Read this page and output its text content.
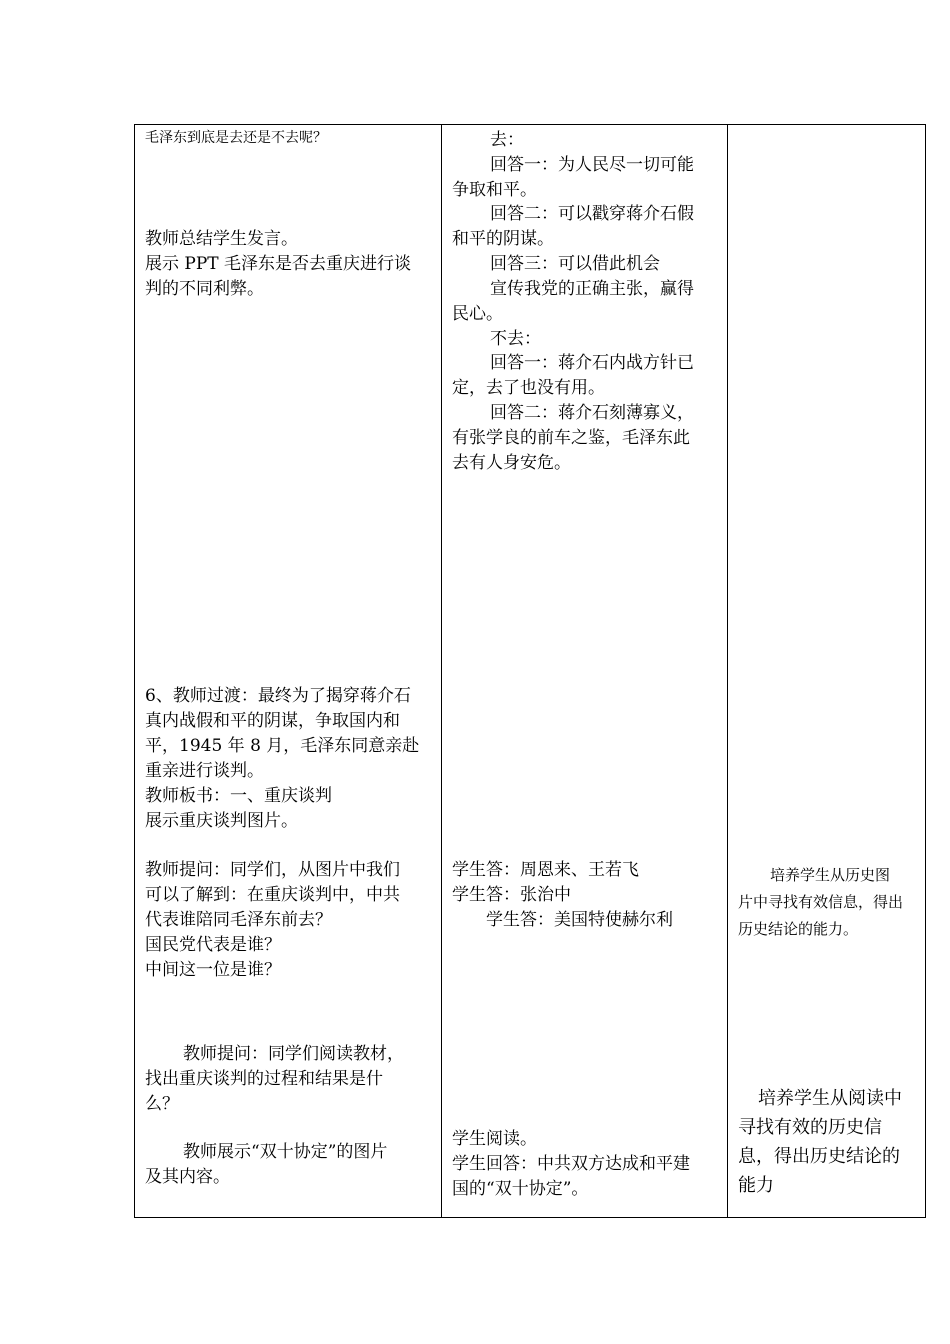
毛泽东到底是去还是不去呢？

教师总结学生发言。

展示 PPT 毛泽东是否去重庆进行谈

判的不同利弊。

6、教师过渡：最终为了揭穿蒋介石

真内战假和平的阴谋，争取国内和

平，1945 年 8 月，毛泽东同意亲赴

重亲进行谈判。

教师板书：一、重庆谈判

展示重庆谈判图片。

教师提问：同学们，从图片中我们

可以了解到：在重庆谈判中，中共

代表谁陪同毛泽东前去？

国民党代表是谁？

中间这一位是谁？

教师提问：同学们阅读教材，

找出重庆谈判的过程和结果是什

么？

教师展示“双十协定”的图片

及其内容。

去：

回答一：为人民尽一切可能

争取和平。

回答二：可以戳穿蒋介石假

和平的阴谋。

回答三：可以借此机会

宣传我党的正确主张，赢得

民心。

不去：

回答一：蒋介石内战方针已

定，去了也没有用。

回答二：蒋介石刻薄寡义，

有张学良的前车之鉴，毛泽东此

去有人身安危。

学生答：周恩来、王若飞

学生答：张治中

学生答：美国特使赫尔利

学生阅读。

学生回答：中共双方达成和平建

国的“双十协定”。

培养学生从历史图

片中寻找有效信息，得出

历史结论的能力。

培养学生从阅读中

寻找有效的历史信

息，得出历史结论的

能力
